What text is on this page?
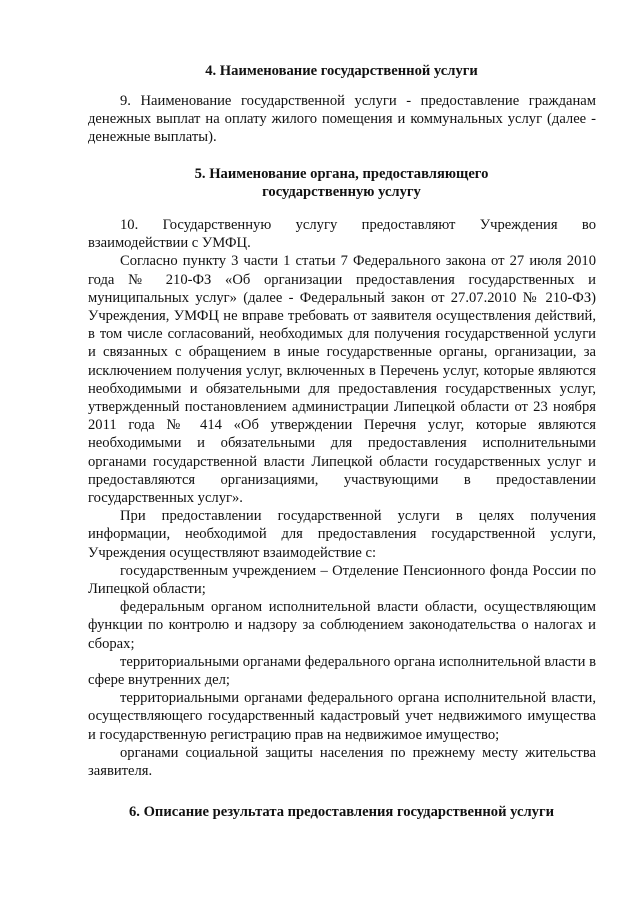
4. Наименование государственной услуги

9. Наименование государственной услуги - предоставление гражданам денежных выплат на оплату жилого помещения и коммунальных услуг (далее - денежные выплаты).

5. Наименование органа, предоставляющего
государственную услугу

10. Государственную услугу предоставляют Учреждения во взаимодействии с УМФЦ.

Согласно пункту 3 части 1 статьи 7 Федерального закона от 27 июля 2010 года № 210-ФЗ «Об организации предоставления государственных и муниципальных услуг» (далее - Федеральный закон от 27.07.2010 № 210-ФЗ) Учреждения, УМФЦ не вправе требовать от заявителя осуществления действий, в том числе согласований, необходимых для получения государственной услуги и связанных с обращением в иные государственные органы, организации, за исключением получения услуг, включенных в Перечень услуг, которые являются необходимыми и обязательными для предоставления государственных услуг, утвержденный постановлением администрации Липецкой области от 23 ноября 2011 года № 414 «Об утверждении Перечня услуг, которые являются необходимыми и обязательными для предоставления исполнительными органами государственной власти Липецкой области государственных услуг и предоставляются организациями, участвующими в предоставлении государственных услуг».

При предоставлении государственной услуги в целях получения информации, необходимой для предоставления государственной услуги, Учреждения осуществляют взаимодействие с:

государственным учреждением – Отделение Пенсионного фонда России по Липецкой области;

федеральным органом исполнительной власти области, осуществляющим функции по контролю и надзору за соблюдением законодательства о налогах и сборах;

территориальными органами федерального органа исполнительной власти в сфере внутренних дел;

территориальными органами федерального органа исполнительной власти, осуществляющего государственный кадастровый учет недвижимого имущества и государственную регистрацию прав на недвижимое имущество;

органами социальной защиты населения по прежнему месту жительства заявителя.

6. Описание результата предоставления государственной услуги
